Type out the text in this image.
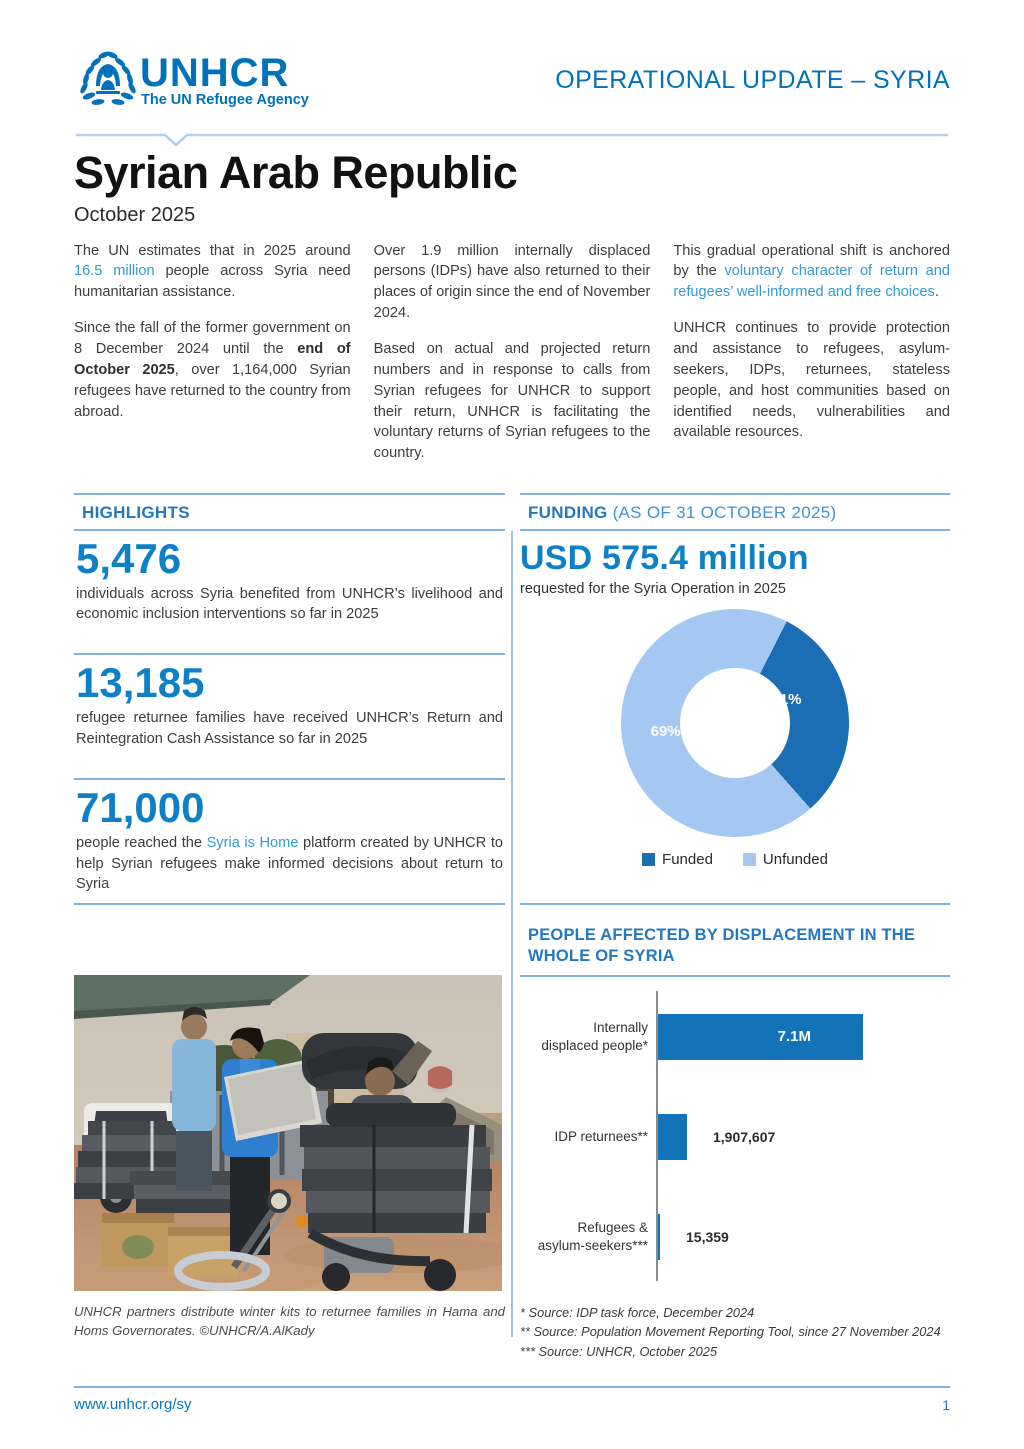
UNHCR
The UN Refugee Agency
OPERATIONAL UPDATE – SYRIA
Syrian Arab Republic
October 2025

The UN estimates that in 2025 around 16.5 million people across Syria need humanitarian assistance.

Since the fall of the former government on 8 December 2024 until the end of October 2025, over 1,164,000 Syrian refugees have returned to the country from abroad.

Over 1.9 million internally displaced persons (IDPs) have also returned to their places of origin since the end of November 2024.

Based on actual and projected return numbers and in response to calls from Syrian refugees for UNHCR to support their return, UNHCR is facilitating the voluntary returns of Syrian refugees to the country.

This gradual operational shift is anchored by the voluntary character of return and refugees’ well-informed and free choices.

UNHCR continues to provide protection and assistance to refugees, asylum-seekers, IDPs, returnees, stateless people, and host communities based on identified needs, vulnerabilities and available resources.

HIGHLIGHTS
5,476
individuals across Syria benefited from UNHCR’s livelihood and economic inclusion interventions so far in 2025
13,185
refugee returnee families have received UNHCR’s Return and Reintegration Cash Assistance so far in 2025
71,000
people reached the Syria is Home platform created by UNHCR to help Syrian refugees make informed decisions about return to Syria
FUNDING (AS OF 31 OCTOBER 2025)
USD 575.4 million
requested for the Syria Operation in 2025
31%
69%
Funded	Unfunded
UNHCR partners distribute winter kits to returnee families in Hama and Homs Governorates. ©UNHCR/A.AlKady
PEOPLE AFFECTED BY DISPLACEMENT IN THE WHOLE OF SYRIA
Internally
displaced people*	7.1M
IDP returnees**	1,907,607
Refugees &
asylum-seekers***
15,359
* Source: IDP task force, December 2024
** Source: Population Movement Reporting Tool, since 27 November 2024
*** Source: UNHCR, October 2025
www.unhcr.org/sy	1
